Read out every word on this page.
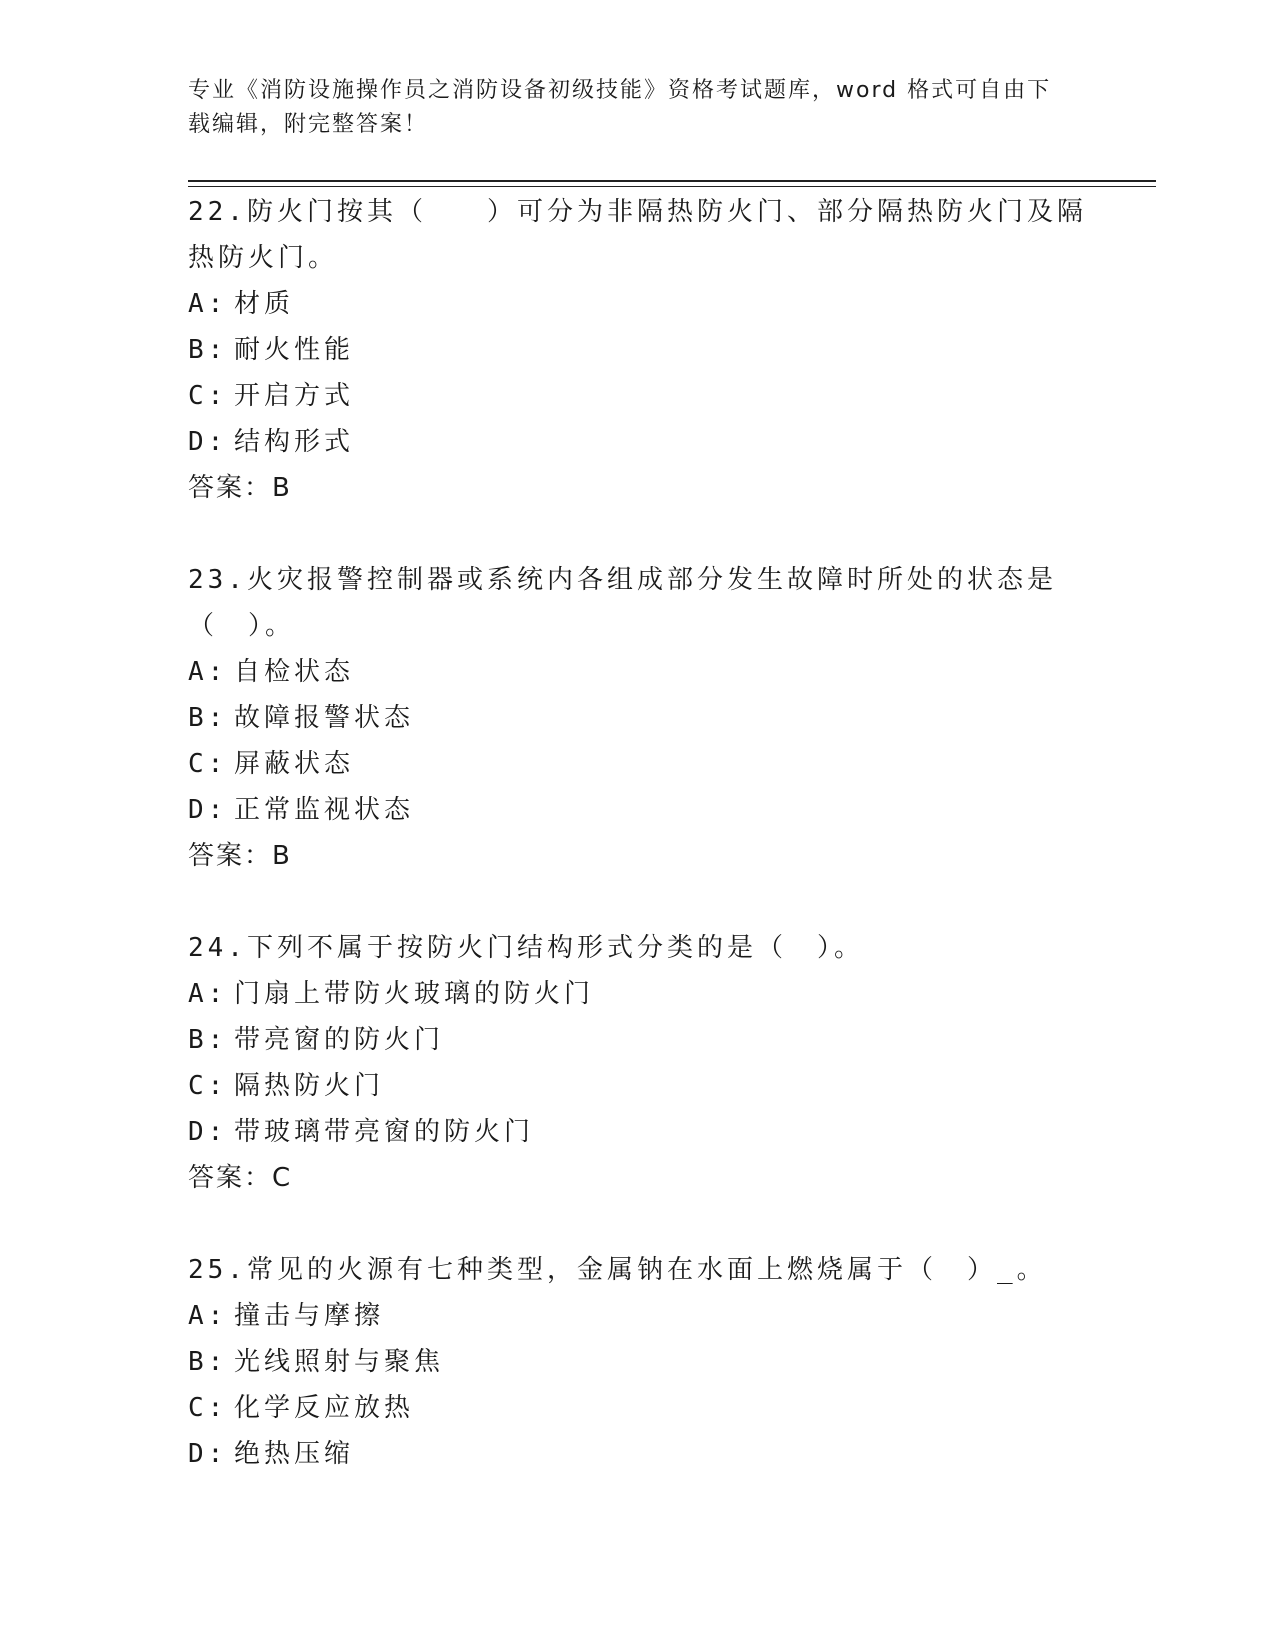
专业《消防设施操作员之消防设备初级技能》资格考试题库，word 格式可自由下
载编辑，附完整答案！

22.防火门按其（　　）可分为非隔热防火门、部分隔热防火门及隔热防火门。

A: 材质

B: 耐火性能

C: 开启方式

D: 结构形式

答案：B

23.火灾报警控制器或系统内各组成部分发生故障时所处的状态是（　）。

A: 自检状态

B: 故障报警状态

C: 屏蔽状态

D: 正常监视状态

答案：B

24.下列不属于按防火门结构形式分类的是（　）。

A: 门扇上带防火玻璃的防火门

B: 带亮窗的防火门

C: 隔热防火门

D: 带玻璃带亮窗的防火门

答案：C

25.常见的火源有七种类型，金属钠在水面上燃烧属于（　）_。

A: 撞击与摩擦

B: 光线照射与聚焦

C: 化学反应放热

D: 绝热压缩
